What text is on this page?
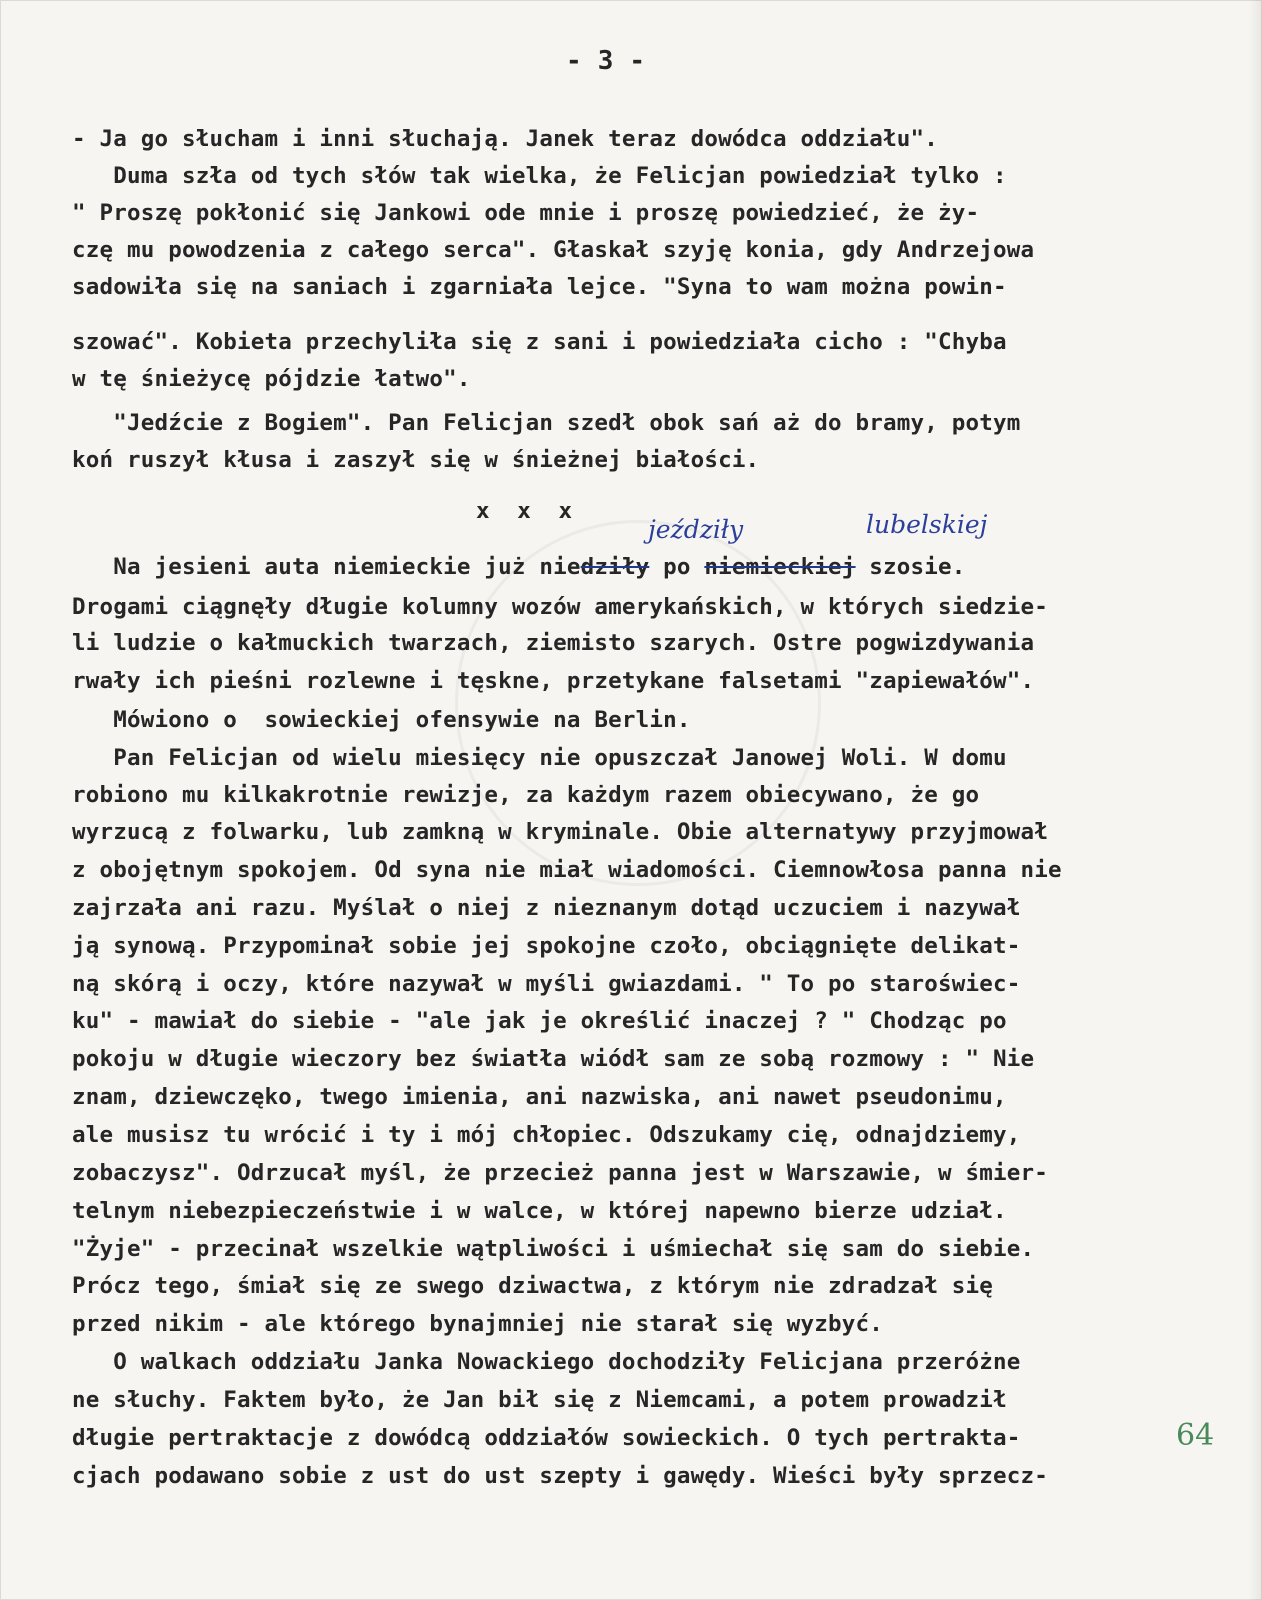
- 3 -
- Ja go słucham i inni słuchają. Janek teraz dowódca oddziału".
Duma szła od tych słów tak wielka, że Felicjan powiedział tylko :
" Proszę pokłonić się Jankowi ode mnie i proszę powiedzieć, że ży-
czę mu powodzenia z całego serca". Głaskał szyję konia, gdy Andrzejowa
sadowiła się na saniach i zgarniała lejce. "Syna to wam można powin-
szować". Kobieta przechyliła się z sani i powiedziała cicho : "Chyba
w tę śnieżycę pójdzie łatwo".
"Jedźcie z Bogiem". Pan Felicjan szedł obok sań aż do bramy, potym
koń ruszył kłusa i zaszył się w śnieżnej białości.
x  x  x
jeździły	lubelskiej
Na jesieni auta niemieckie już niedziły po niemieckiej szosie.
Drogami ciągnęły długie kolumny wozów amerykańskich, w których siedzie-
li ludzie o kałmuckich twarzach, ziemisto szarych. Ostre pogwizdywania
rwały ich pieśni rozlewne i tęskne, przetykane falsetami "zapiewałów".
Mówiono o  sowieckiej ofensywie na Berlin.
Pan Felicjan od wielu miesięcy nie opuszczał Janowej Woli. W domu
robiono mu kilkakrotnie rewizje, za każdym razem obiecywano, że go
wyrzucą z folwarku, lub zamkną w kryminale. Obie alternatywy przyjmował
z obojętnym spokojem. Od syna nie miał wiadomości. Ciemnowłosa panna nie
zajrzała ani razu. Myślał o niej z nieznanym dotąd uczuciem i nazywał
ją synową. Przypominał sobie jej spokojne czoło, obciągnięte delikat-
ną skórą i oczy, które nazywał w myśli gwiazdami. " To po staroświec-
ku" - mawiał do siebie - "ale jak je określić inaczej ? " Chodząc po
pokoju w długie wieczory bez światła wiódł sam ze sobą rozmowy : " Nie
znam, dziewczęko, twego imienia, ani nazwiska, ani nawet pseudonimu,
ale musisz tu wrócić i ty i mój chłopiec. Odszukamy cię, odnajdziemy,
zobaczysz". Odrzucał myśl, że przecież panna jest w Warszawie, w śmier-
telnym niebezpieczeństwie i w walce, w której napewno bierze udział.
"Żyje" - przecinał wszelkie wątpliwości i uśmiechał się sam do siebie.
Prócz tego, śmiał się ze swego dziwactwa, z którym nie zdradzał się
przed nikim - ale którego bynajmniej nie starał się wyzbyć.
O walkach oddziału Janka Nowackiego dochodziły Felicjana przeróżne
ne słuchy. Faktem było, że Jan bił się z Niemcami, a potem prowadził
długie pertraktacje z dowódcą oddziałów sowieckich. O tych pertrakta-
cjach podawano sobie z ust do ust szepty i gawędy. Wieści były sprzecz-
64
